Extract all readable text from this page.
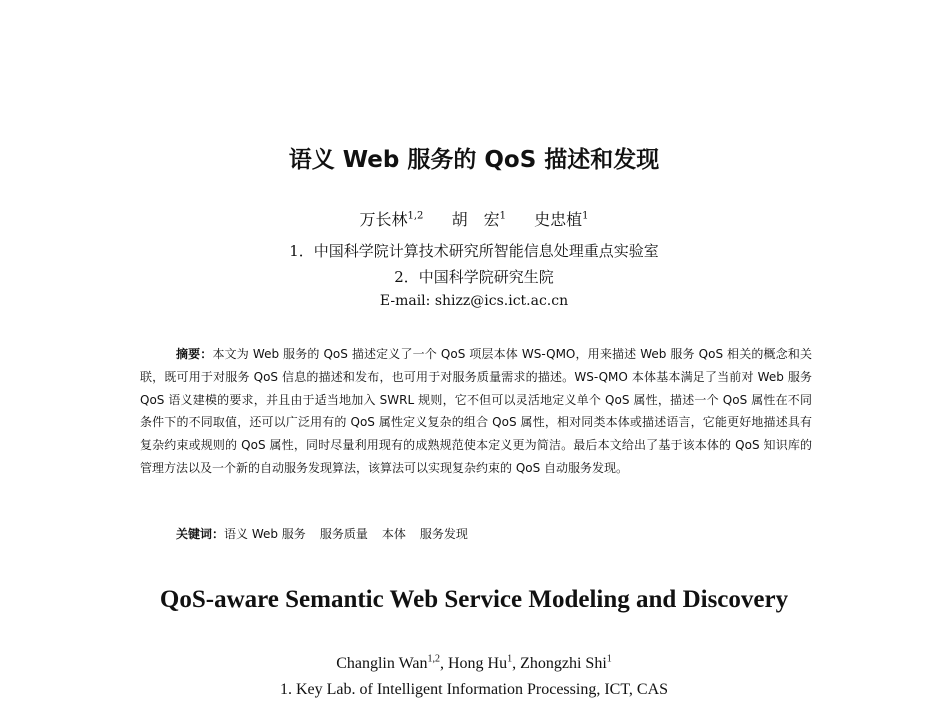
语义 Web 服务的 QoS 描述和发现
万长林$^{1,2}$ 胡　宏$^1$ 史忠植$^1$
1．中国科学院计算技术研究所智能信息处理重点实验室
2．中国科学院研究生院
E-mail: shizz@ics.ict.ac.cn
摘要：本文为 Web 服务的 QoS 描述定义了一个 QoS 项层本体 WS-QMO，用来描述 Web 服务 QoS 相关的概念和关联，既可用于对服务 QoS 信息的描述和发布，也可用于对服务质量需求的描述。WS-QMO 本体基本满足了当前对 Web 服务 QoS 语义建模的要求，并且由于适当地加入 SWRL 规则，它不但可以灵活地定义单个 QoS 属性，描述一个 QoS 属性在不同条件下的不同取值，还可以广泛用有的 QoS 属性定义复杂的组合 QoS 属性，相对同类本体或描述语言，它能更好地描述具有复杂约束或规则的 QoS 属性，同时尽量利用现有的成熟规范使本定义更为简洁。最后本文给出了基于该本体的 QoS 知识库的管理方法以及一个新的自动服务发现算法，该算法可以实现复杂约束的 QoS 自动服务发现。
关键词：语义 Web 服务 服务质量 本体 服务发现
QoS-aware Semantic Web Service Modeling and Discovery
Changlin Wan$^{1,2}$, Hong Hu$^1$, Zhongzhi Shi$^1$
1. Key Lab. of Intelligent Information Processing, ICT, CAS
